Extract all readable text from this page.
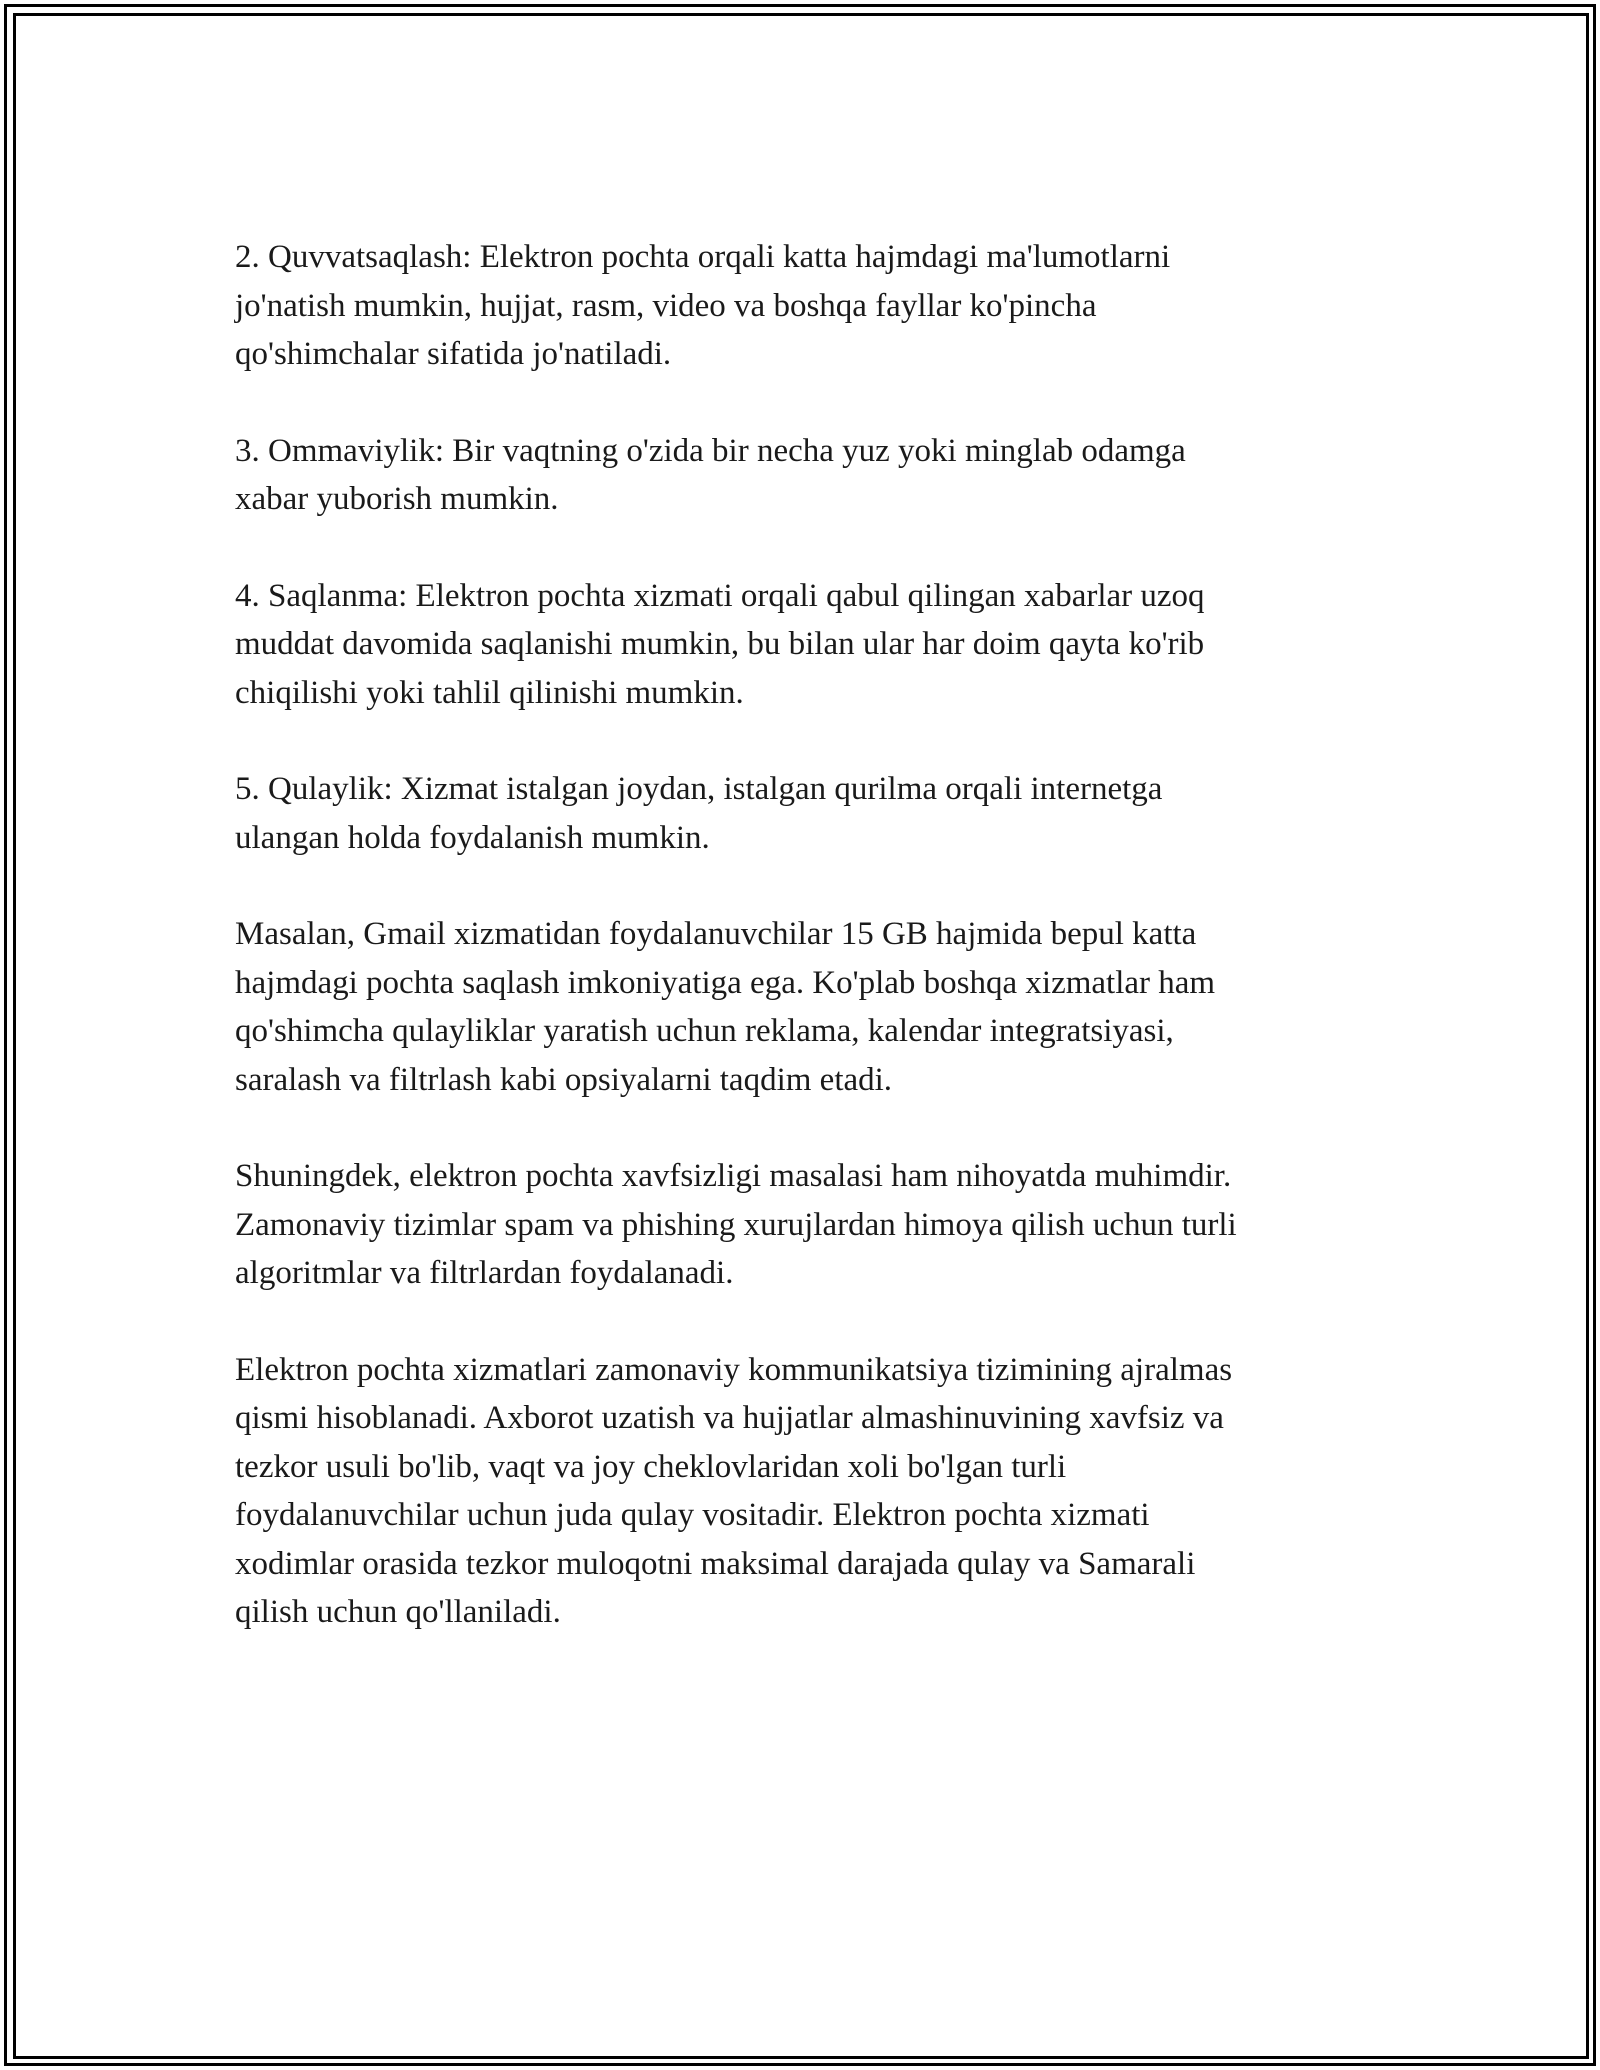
2. Quvvatsaqlash: Elektron pochta orqali katta hajmdagi ma'lumotlarni
jo'natish mumkin, hujjat, rasm, video va boshqa fayllar ko'pincha
qo'shimchalar sifatida jo'natiladi.

3. Ommaviylik: Bir vaqtning o'zida bir necha yuz yoki minglab odamga
xabar yuborish mumkin.

4. Saqlanma: Elektron pochta xizmati orqali qabul qilingan xabarlar uzoq
muddat davomida saqlanishi mumkin, bu bilan ular har doim qayta ko'rib
chiqilishi yoki tahlil qilinishi mumkin.

5. Qulaylik: Xizmat istalgan joydan, istalgan qurilma orqali internetga
ulangan holda foydalanish mumkin.

Masalan, Gmail xizmatidan foydalanuvchilar 15 GB hajmida bepul katta
hajmdagi pochta saqlash imkoniyatiga ega. Ko'plab boshqa xizmatlar ham
qo'shimcha qulayliklar yaratish uchun reklama, kalendar integratsiyasi,
saralash va filtrlash kabi opsiyalarni taqdim etadi.

Shuningdek, elektron pochta xavfsizligi masalasi ham nihoyatda muhimdir.
Zamonaviy tizimlar spam va phishing xurujlardan himoya qilish uchun turli
algoritmlar va filtrlardan foydalanadi.

Elektron pochta xizmatlari zamonaviy kommunikatsiya tizimining ajralmas
qismi hisoblanadi. Axborot uzatish va hujjatlar almashinuvining xavfsiz va
tezkor usuli bo'lib, vaqt va joy cheklovlaridan xoli bo'lgan turli
foydalanuvchilar uchun juda qulay vositadir. Elektron pochta xizmati
xodimlar orasida tezkor muloqotni maksimal darajada qulay va Samarali
qilish uchun qo'llaniladi.
